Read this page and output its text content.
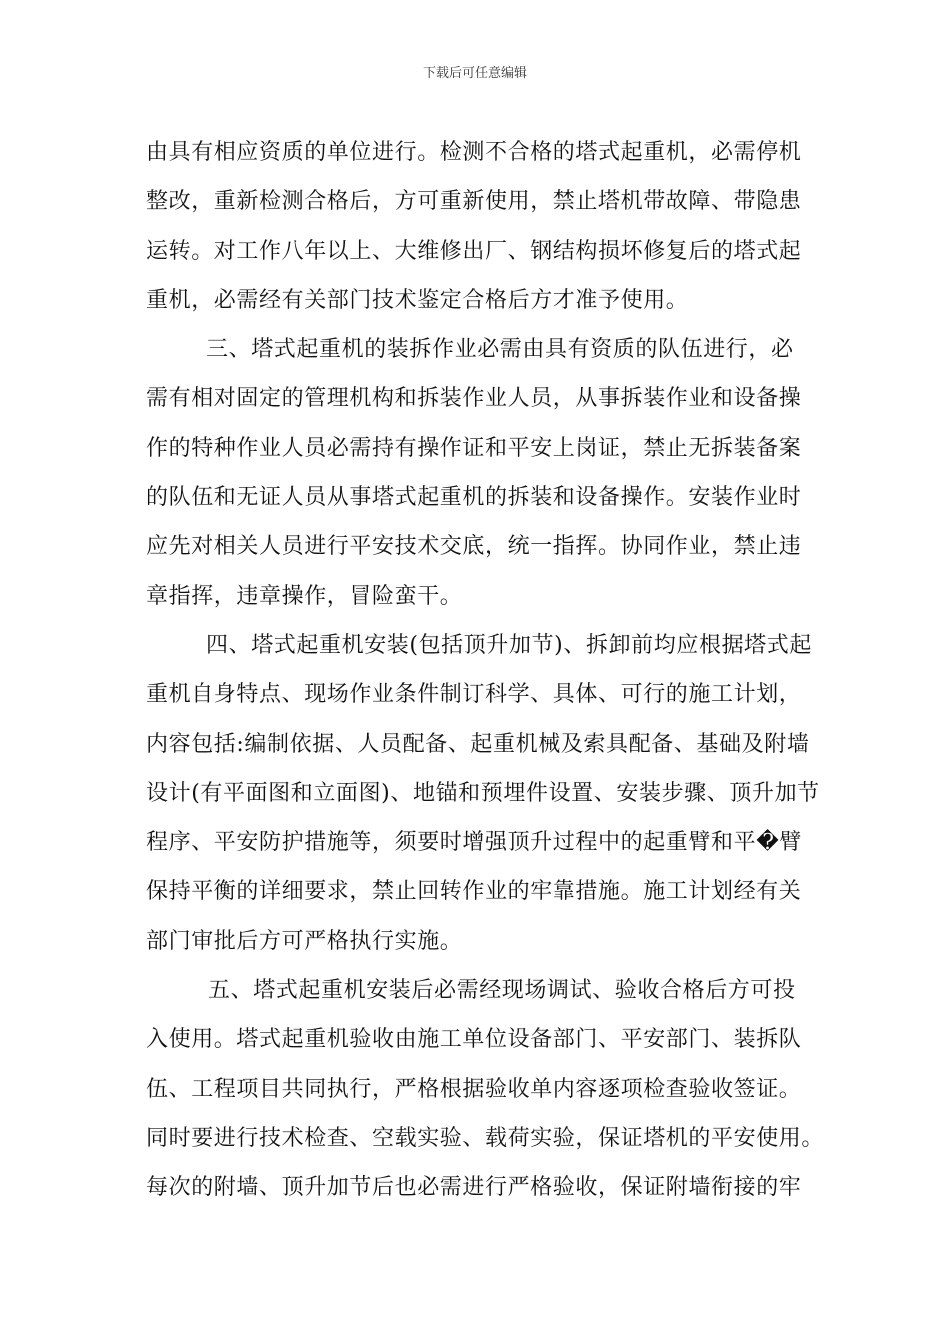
下载后可任意编辑
由具有相应资质的单位进行。检测不合格的塔式起重机，必需停机
整改，重新检测合格后，方可重新使用，禁止塔机带故障、带隐患
运转。对工作八年以上、大维修出厂、钢结构损坏修复后的塔式起
重机，必需经有关部门技术鉴定合格后方才准予使用。
三、塔式起重机的装拆作业必需由具有资质的队伍进行，必
需有相对固定的管理机构和拆装作业人员，从事拆装作业和设备操
作的特种作业人员必需持有操作证和平安上岗证，禁止无拆装备案
的队伍和无证人员从事塔式起重机的拆装和设备操作。安装作业时
应先对相关人员进行平安技术交底，统一指挥。协同作业，禁止违
章指挥，违章操作，冒险蛮干。
四、塔式起重机安装(包括顶升加节)、拆卸前均应根据塔式起
重机自身特点、现场作业条件制订科学、具体、可行的施工计划，
内容包括:编制依据、人员配备、起重机械及索具配备、基础及附墙
设计(有平面图和立面图)、地锚和预埋件设置、安装步骤、顶升加节
程序、平安防护措施等，须要时增强顶升过程中的起重臂和平�臂
保持平衡的详细要求，禁止回转作业的牢靠措施。施工计划经有关
部门审批后方可严格执行实施。
五、塔式起重机安装后必需经现场调试、验收合格后方可投
入使用。塔式起重机验收由施工单位设备部门、平安部门、装拆队
伍、工程项目共同执行，严格根据验收单内容逐项检查验收签证。
同时要进行技术检查、空载实验、载荷实验，保证塔机的平安使用。
每次的附墙、顶升加节后也必需进行严格验收，保证附墙衔接的牢
